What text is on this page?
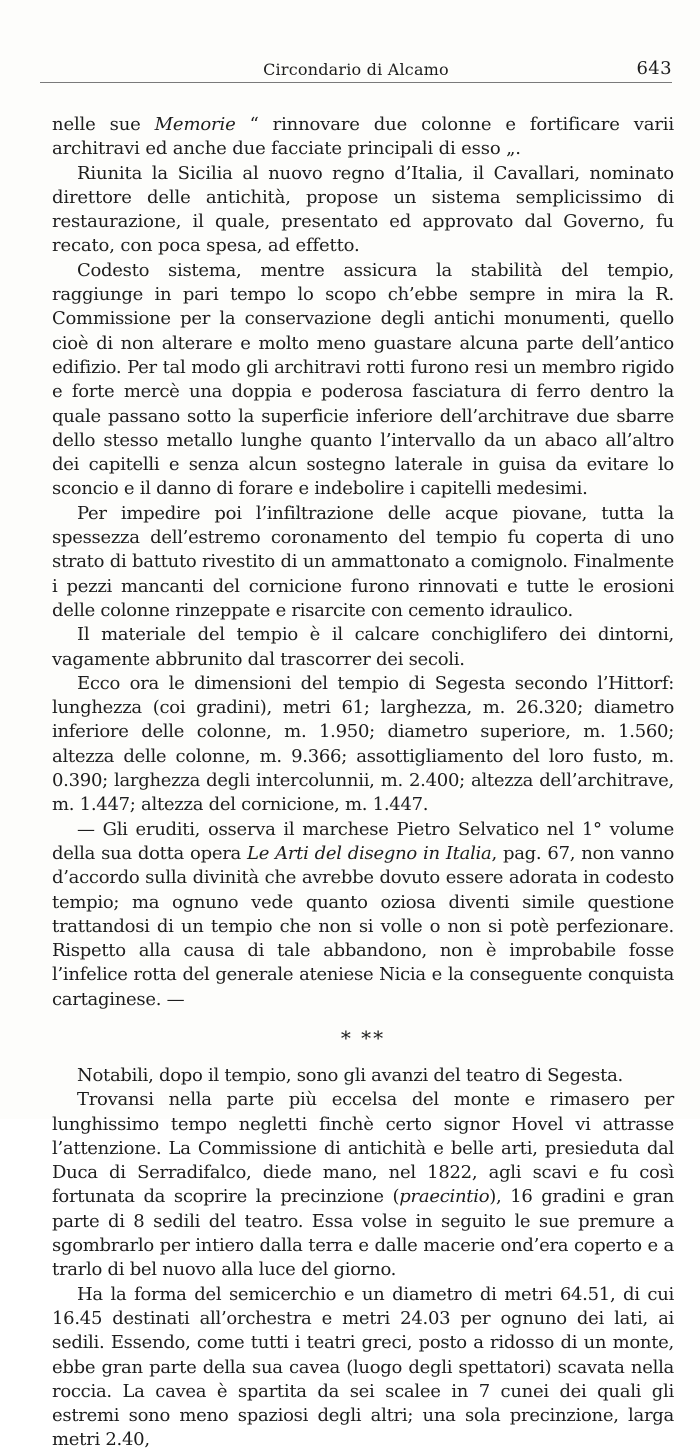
Circondario di Alcamo	643

nelle sue Memorie “ rinnovare due colonne e fortificare varii architravi ed anche due facciate principali di esso „.

Riunita la Sicilia al nuovo regno d’Italia, il Cavallari, nominato direttore delle antichità, propose un sistema semplicissimo di restaurazione, il quale, presentato ed approvato dal Governo, fu recato, con poca spesa, ad effetto.

Codesto sistema, mentre assicura la stabilità del tempio, raggiunge in pari tempo lo scopo ch’ebbe sempre in mira la R. Commissione per la conservazione degli antichi monumenti, quello cioè di non alterare e molto meno guastare alcuna parte dell’antico edifizio. Per tal modo gli architravi rotti furono resi un membro rigido e forte mercè una doppia e poderosa fasciatura di ferro dentro la quale passano sotto la superficie inferiore dell’architrave due sbarre dello stesso metallo lunghe quanto l’intervallo da un abaco all’altro dei capitelli e senza alcun sostegno laterale in guisa da evitare lo sconcio e il danno di forare e indebolire i capitelli medesimi.

Per impedire poi l’infiltrazione delle acque piovane, tutta la spessezza dell’estremo coronamento del tempio fu coperta di uno strato di battuto rivestito di un ammattonato a comignolo. Finalmente i pezzi mancanti del cornicione furono rinnovati e tutte le erosioni delle colonne rinzeppate e risarcite con cemento idraulico.

Il materiale del tempio è il calcare conchiglifero dei dintorni, vagamente abbrunito dal trascorrer dei secoli.

Ecco ora le dimensioni del tempio di Segesta secondo l’Hittorf: lunghezza (coi gradini), metri 61; larghezza, m. 26.320; diametro inferiore delle colonne, m. 1.950; diametro superiore, m. 1.560; altezza delle colonne, m. 9.366; assottigliamento del loro fusto, m. 0.390; larghezza degli intercolunnii, m. 2.400; altezza dell’architrave, m. 1.447; altezza del cornicione, m. 1.447.

— Gli eruditi, osserva il marchese Pietro Selvatico nel 1° volume della sua dotta opera Le Arti del disegno in Italia, pag. 67, non vanno d’accordo sulla divinità che avrebbe dovuto essere adorata in codesto tempio; ma ognuno vede quanto oziosa diventi simile questione trattandosi di un tempio che non si volle o non si potè perfezionare. Rispetto alla causa di tale abbandono, non è improbabile fosse l’infelice rotta del generale ateniese Nicia e la conseguente conquista cartaginese. —

* **

Notabili, dopo il tempio, sono gli avanzi del teatro di Segesta.

Trovansi nella parte più eccelsa del monte e rimasero per lunghissimo tempo negletti finchè certo signor Hovel vi attrasse l’attenzione. La Commissione di antichità e belle arti, presieduta dal Duca di Serradifalco, diede mano, nel 1822, agli scavi e fu così fortunata da scoprire la precinzione (praecintio), 16 gradini e gran parte di 8 sedili del teatro. Essa volse in seguito le sue premure a sgombrarlo per intiero dalla terra e dalle macerie ond’era coperto e a trarlo di bel nuovo alla luce del giorno.

Ha la forma del semicerchio e un diametro di metri 64.51, di cui 16.45 destinati all’orchestra e metri 24.03 per ognuno dei lati, ai sedili. Essendo, come tutti i teatri greci, posto a ridosso di un monte, ebbe gran parte della sua cavea (luogo degli spettatori) scavata nella roccia. La cavea è spartita da sei scalee in 7 cunei dei quali gli estremi sono meno spaziosi degli altri; una sola precinzione, larga metri 2.40,
